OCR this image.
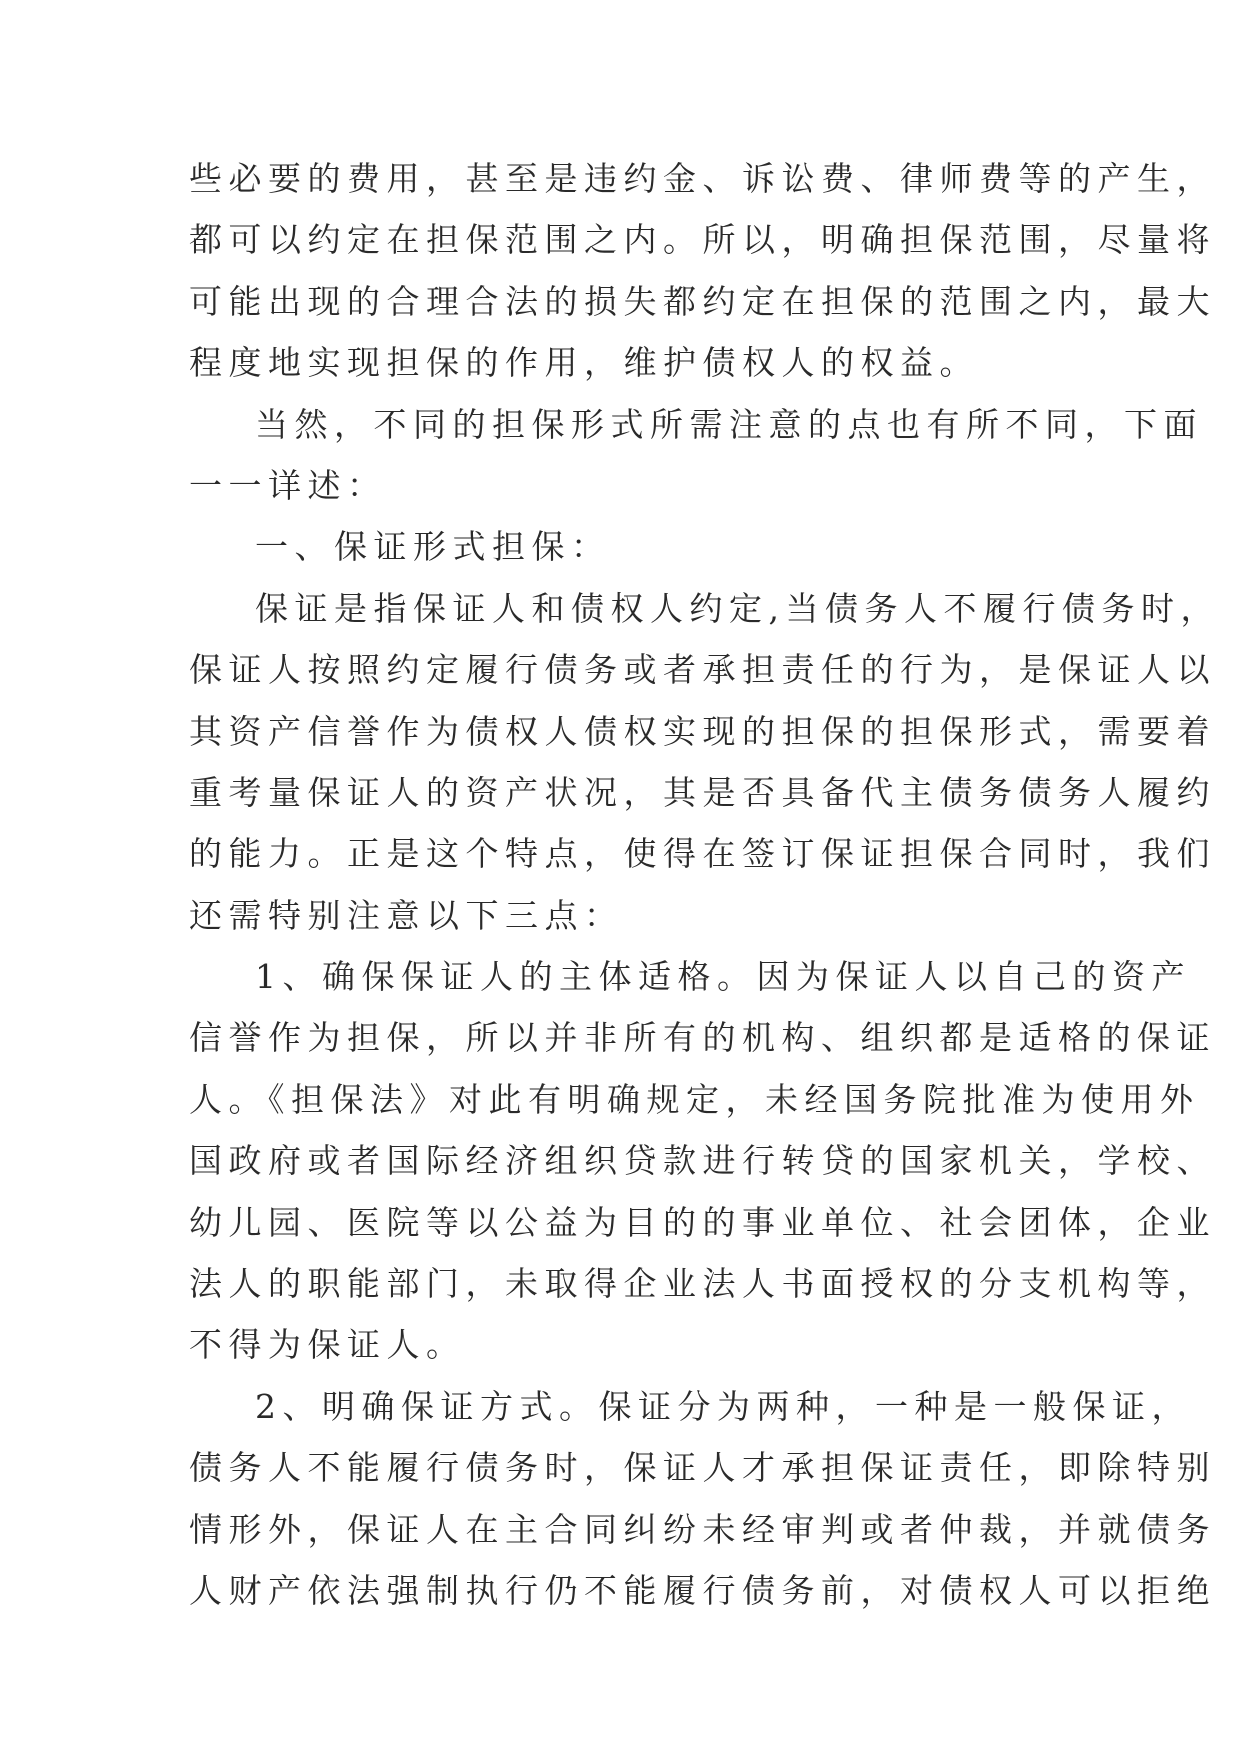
些必要的费用，甚至是违约金、诉讼费、律师费等的产生，
都可以约定在担保范围之内。所以，明确担保范围，尽量将
可能出现的合理合法的损失都约定在担保的范围之内，最大
程度地实现担保的作用，维护债权人的权益。
当然，不同的担保形式所需注意的点也有所不同，下面
一一详述：
一、保证形式担保：
保证是指保证人和债权人约定,当债务人不履行债务时，
保证人按照约定履行债务或者承担责任的行为，是保证人以
其资产信誉作为债权人债权实现的担保的担保形式，需要着
重考量保证人的资产状况，其是否具备代主债务债务人履约
的能力。正是这个特点，使得在签订保证担保合同时，我们
还需特别注意以下三点：
1、确保保证人的主体适格。因为保证人以自己的资产
信誉作为担保，所以并非所有的机构、组织都是适格的保证
人。《担保法》对此有明确规定，未经国务院批准为使用外
国政府或者国际经济组织贷款进行转贷的国家机关，学校、
幼儿园、医院等以公益为目的的事业单位、社会团体，企业
法人的职能部门，未取得企业法人书面授权的分支机构等，
不得为保证人。
2、明确保证方式。保证分为两种，一种是一般保证，
债务人不能履行债务时，保证人才承担保证责任，即除特别
情形外，保证人在主合同纠纷未经审判或者仲裁，并就债务
人财产依法强制执行仍不能履行债务前，对债权人可以拒绝
